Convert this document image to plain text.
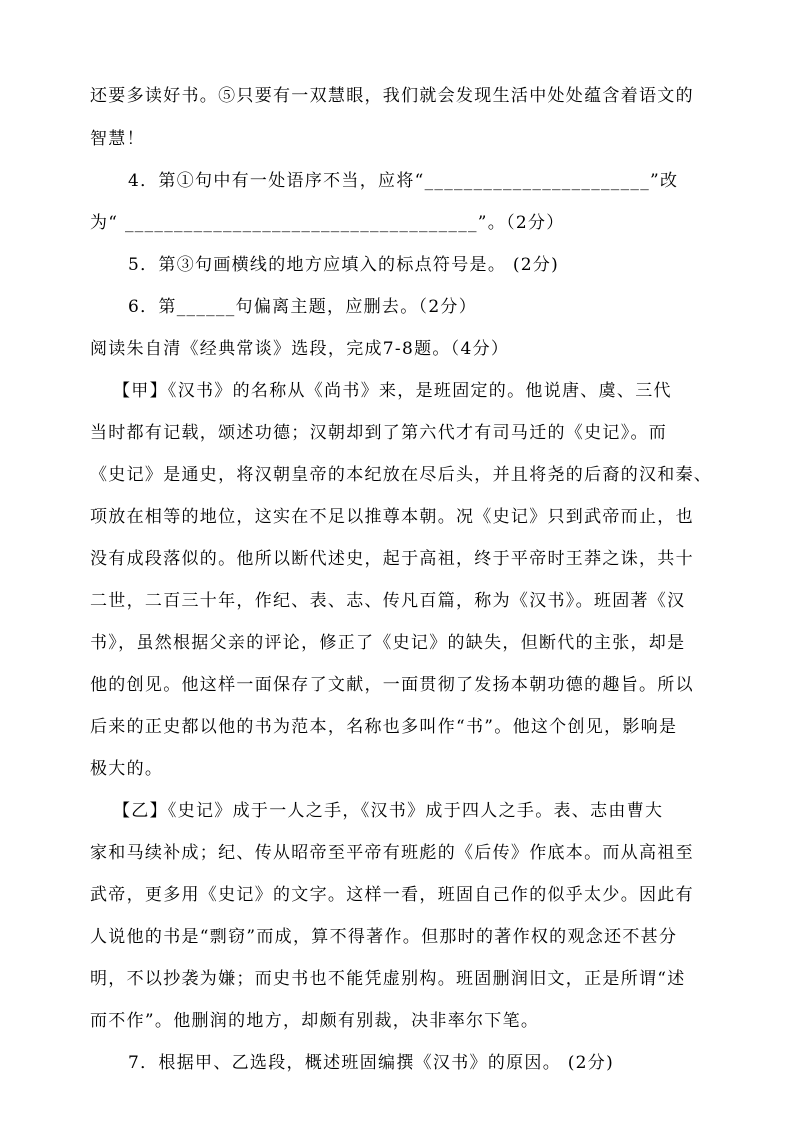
还要多读好书。⑤只要有一双慧眼，我们就会发现生活中处处蕴含着语文的
智慧！
4．第①句中有一处语序不当，应将“_______________________”改
为“ ____________________________________”。（2分）
5．第③句画横线的地方应填入的标点符号是。 (2分)
6．第______句偏离主题，应删去。（2分）
阅读朱自清《经典常谈》选段，完成7-8题。（4分）
【甲】《汉书》的名称从《尚书》来，是班固定的。他说唐、虞、三代
当时都有记载，颂述功德；汉朝却到了第六代才有司马迁的《史记》。而
《史记》是通史，将汉朝皇帝的本纪放在尽后头，并且将尧的后裔的汉和秦、
项放在相等的地位，这实在不足以推尊本朝。况《史记》只到武帝而止，也
没有成段落似的。他所以断代述史，起于高祖，终于平帝时王莽之诛，共十
二世，二百三十年，作纪、表、志、传凡百篇，称为《汉书》。班固著《汉
书》，虽然根据父亲的评论，修正了《史记》的缺失，但断代的主张，却是
他的创见。他这样一面保存了文献，一面贯彻了发扬本朝功德的趣旨。所以
后来的正史都以他的书为范本，名称也多叫作“书”。他这个创见，影响是
极大的。
【乙】《史记》成于一人之手，《汉书》成于四人之手。表、志由曹大
家和马续补成；纪、传从昭帝至平帝有班彪的《后传》作底本。而从高祖至
武帝，更多用《史记》的文字。这样一看，班固自己作的似乎太少。因此有
人说他的书是“剽窃”而成，算不得著作。但那时的著作权的观念还不甚分
明，不以抄袭为嫌；而史书也不能凭虚别构。班固删润旧文，正是所谓“述
而不作”。他删润的地方，却颇有别裁，决非率尔下笔。
7．根据甲、乙选段，概述班固编撰《汉书》的原因。 (2分)
